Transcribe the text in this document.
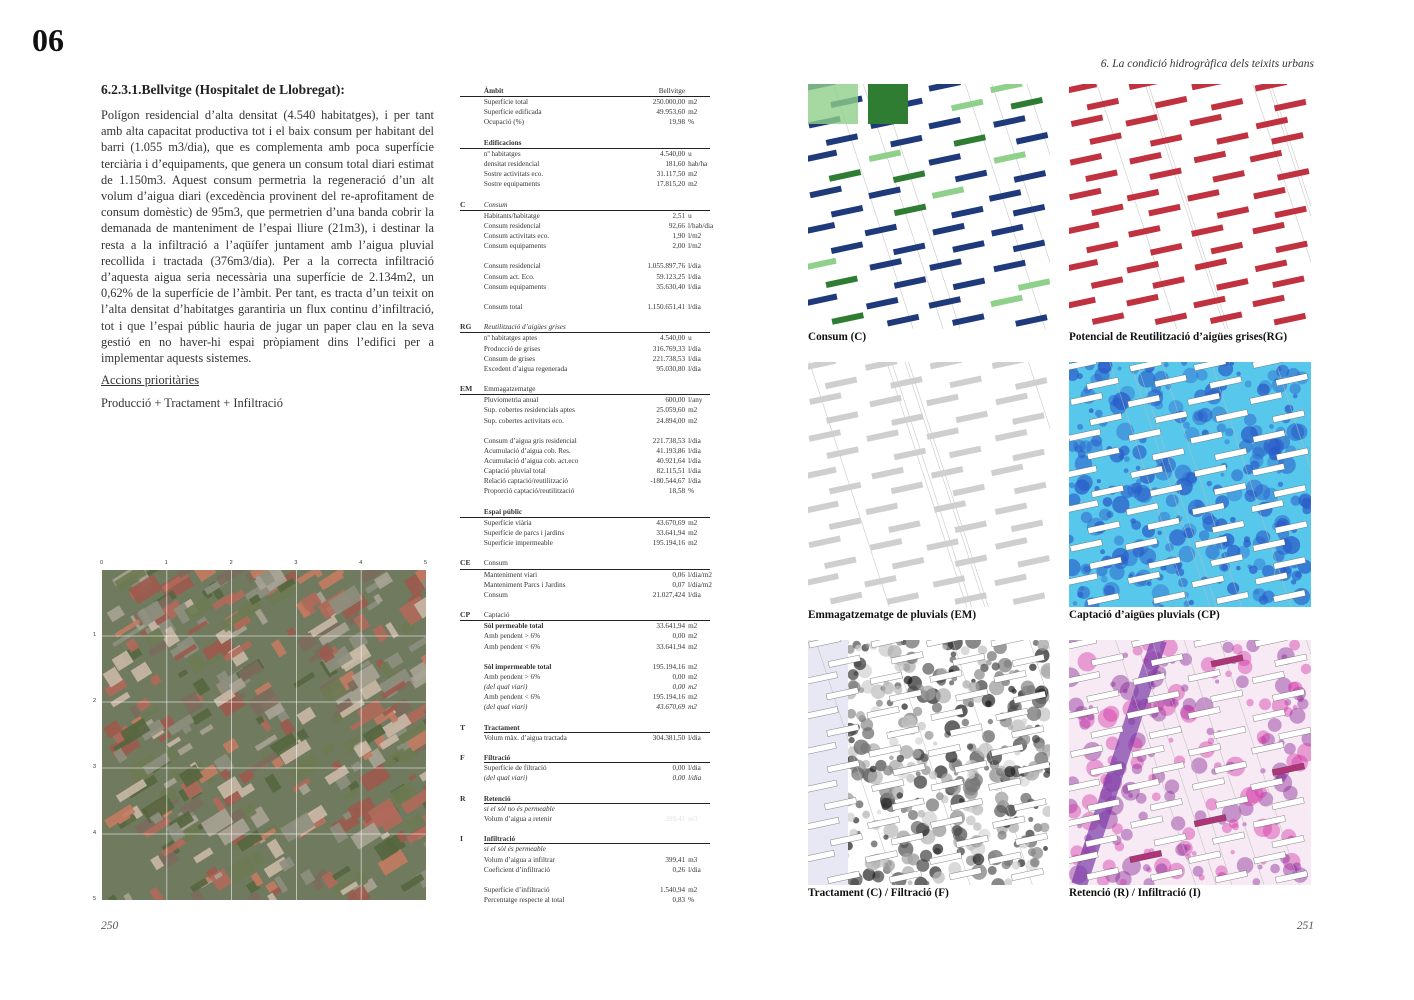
06
6. La condició hidrogràfica dels teixits urbans
6.2.3.1.Bellvitge (Hospitalet de Llobregat):
Polígon residencial d’alta densitat (4.540 habitatges), i per tant amb alta capacitat productiva tot i el baix consum per habitant del barri (1.055 m3/dia), que es complementa amb poca superfície terciària i d’equipaments, que genera un consum total diari estimat de 1.150m3. Aquest consum permetria la regeneració d’un alt volum d’aigua diari (excedència provinent del re-aprofitament de consum domèstic) de 95m3, que permetrien d’una banda cobrir la demanada de manteniment de l’espai lliure (21m3), i destinar la resta a la infiltració a l’aqüífer juntament amb l’aigua pluvial recollida i tractada (376m3/dia). Per a la correcta infiltració d’aquesta aigua seria necessària una superfície de 2.134m2, un 0,62% de la superfície de l’àmbit. Per tant, es tracta d’un teixit on l’alta densitat d’habitatges garantiria un flux continu d’infiltració, tot i que l’espai públic hauria de jugar un paper clau en la seva gestió en no haver-hi espai pròpiament dins l’edifici per a implementar aquests sistemes.
Accions prioritàries
Producció + Tractament + Infiltració
250	251
Àmbit	Bellvitge
Superfície total	250.000,00 m2
Superfície edificada	49.953,60 m2
Ocupació (%)	19,98 %
Edificacions
nº habitatges	4.540,00 u
densitat residencial	181,60 hab/ha
Sostre activitats eco.	31.117,50 m2
Sostre equipaments	17.815,20 m2
C	Consum
Habitants/habitatge	2,51 u
Consum residencial	92,66 l/hab/dia
Consum activitats eco.	1,90 l/m2
Consum equipaments	2,00 l/m2
Consum residencial	1.055.897,76 l/dia
Consum act. Eco.	59.123,25 l/dia
Consum equipaments	35.630,40 l/dia
Consum total	1.150.651,41 l/dia
RG	Reutilització d’aigües grises
nº habitatges aptes	4.540,00 u
Producció de grises	316.769,33 l/dia
Consum de grises	221.738,53 l/dia
Excedent d’aigua regenerada	95.030,80 l/dia
EM	Emmagatzematge
Pluviometria anual	600,00 l/any
Sup. cobertes residencials aptes	25.059,60 m2
Sup. cobertes activitats eco.	24.894,00 m2
Consum d’aigua gris residencial	221.738,53 l/dia
Acumulació d’aigua cob. Res.	41.193,86 l/dia
Acumulació d’aigua cob. act.eco	40.921,64 l/dia
Captació pluvial total	82.115,51 l/dia
Relació captació/reutilització	-180.544,67 l/dia
Proporció captació/reutilització	18,58 %
Espai públic
Superfície viària	43.670,69 m2
Superfície de parcs i jardins	33.641,94 m2
Superfície impermeable	195.194,16 m2
CE	Consum
Manteniment viari	0,06 l/dia/m2
Manteniment Parcs i Jardins	0,07 l/dia/m2
Consum	21.027,424 l/dia
CP	Captació
Sòl permeable total	33.641,94 m2
Amb pendent > 6%	0,00 m2
Amb pendent < 6%	33.641,94 m2
Sòl impermeable total	195.194,16 m2
Amb pendent > 6%	0,00 m2
(del qual viari)	0,00 m2
Amb pendent < 6%	195.194,16 m2
(del qual viari)	43.670,69 m2
T	Tractament
Volum màx. d’aigua tractada	304.381,50 l/dia
F	Filtració
Superfície de filtració	0,00 l/dia
(del qual viari)	0,00 l/dia
R	Retenció
si el sòl no és permeable
Volum d’aigua a retenir	399,41 m3
I	Infiltració
si el sòl és permeable
Volum d’aigua a infiltrar	399,41 m3
Coeficient d’infiltració	0,26 l/dia
Superfície d’infiltració	1.540,94 m2
Percentatge respecte al total	0,83 %
0	1	2	3	4	5
1
2
3
4
5
Consum (C)	Potencial de Reutilització d’aigües grises(RG)
Emmagatzematge de pluvials (EM)	Captació d’aigües pluvials (CP)
Tractament (C) / Filtració (F)	Retenció (R) / Infiltració (I)
